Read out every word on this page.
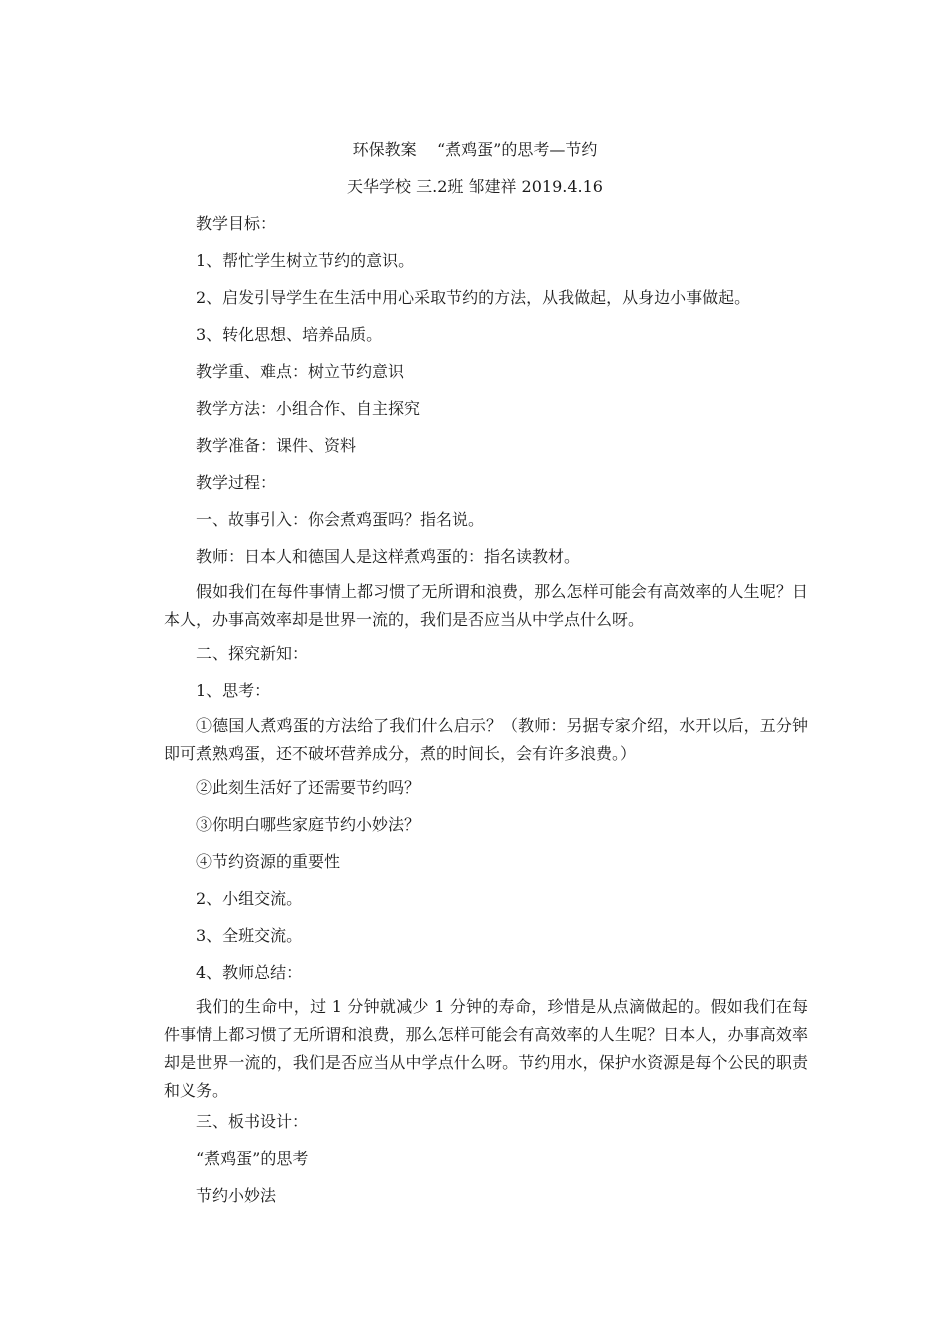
环保教案    “煮鸡蛋”的思考—节约
天华学校 三.2班 邹建祥 2019.4.16
教学目标：
1、帮忙学生树立节约的意识。
2、启发引导学生在生活中用心采取节约的方法，从我做起，从身边小事做起。
3、转化思想、培养品质。
教学重、难点：树立节约意识
教学方法：小组合作、自主探究
教学准备：课件、资料
教学过程：
一、故事引入：你会煮鸡蛋吗？指名说。
教师：日本人和德国人是这样煮鸡蛋的：指名读教材。
假如我们在每件事情上都习惯了无所谓和浪费，那么怎样可能会有高效率的人生呢？日本人，办事高效率却是世界一流的，我们是否应当从中学点什么呀。
二、探究新知：
1、思考：
①德国人煮鸡蛋的方法给了我们什么启示？（教师：另据专家介绍，水开以后，五分钟即可煮熟鸡蛋，还不破坏营养成分，煮的时间长，会有许多浪费。）
②此刻生活好了还需要节约吗？
③你明白哪些家庭节约小妙法？
④节约资源的重要性
2、小组交流。
3、全班交流。
4、教师总结：
我们的生命中，过 1 分钟就减少 1 分钟的寿命，珍惜是从点滴做起的。假如我们在每件事情上都习惯了无所谓和浪费，那么怎样可能会有高效率的人生呢？日本人，办事高效率却是世界一流的，我们是否应当从中学点什么呀。节约用水，保护水资源是每个公民的职责和义务。
三、板书设计：
“煮鸡蛋”的思考
节约小妙法
